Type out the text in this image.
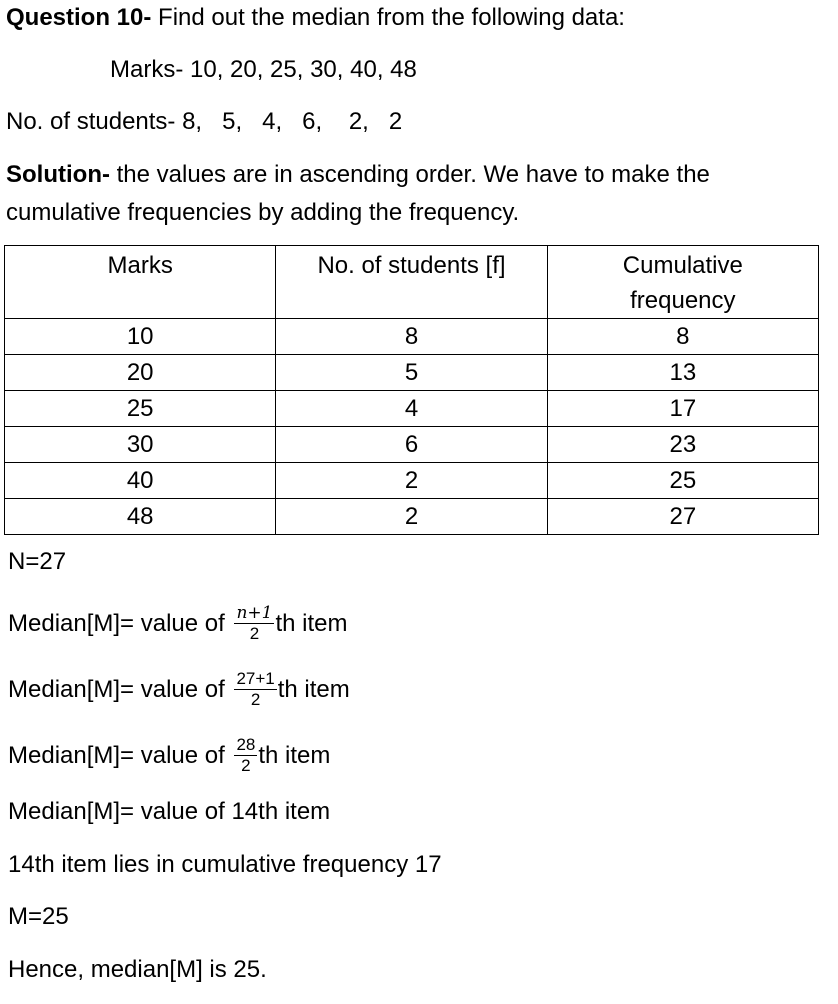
Question 10- Find out the median from the following data:
Marks- 10, 20, 25, 30, 40, 48
No. of students- 8,   5,   4,   6,    2,   2
Solution- the values are in ascending order. We have to make the
cumulative frequencies by adding the frequency.
Marks	No. of students [f]	Cumulative
frequency
10	8	8
20	5	13
25	4	17
30	6	23
40	2	25
48	2	27
N=27
Median[M]= value of $\frac{n+1}{2}$ th item
Median[M]= value of $\frac{27+1}{2}$ th item
Median[M]= value of $\frac{28}{2}$ th item
Median[M]= value of 14th item
14th item lies in cumulative frequency 17
M=25
Hence, median[M] is 25.
